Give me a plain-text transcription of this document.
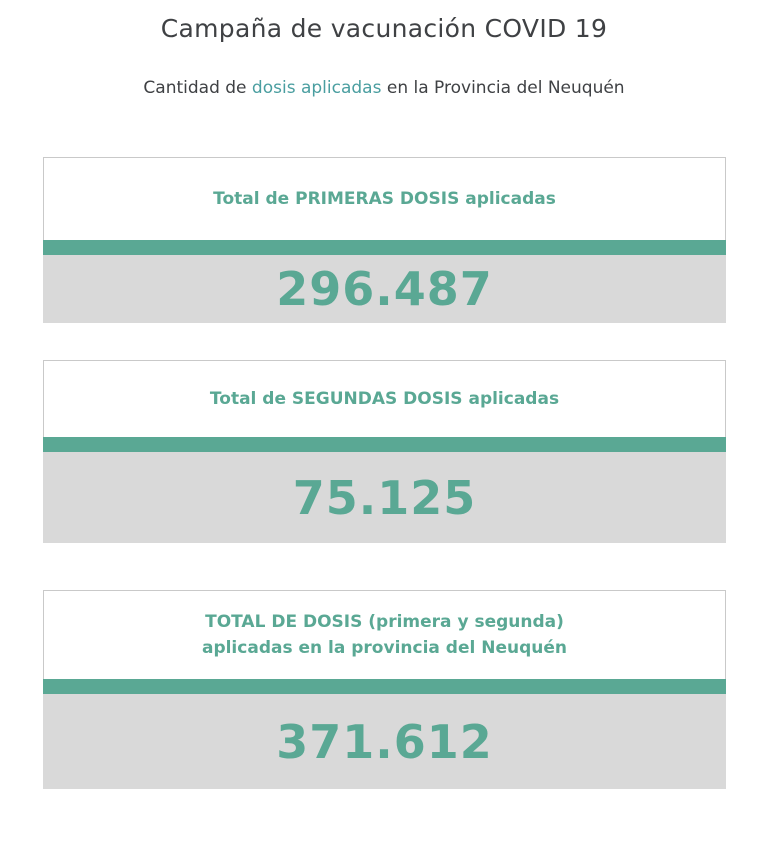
Campaña de vacunación COVID 19
Cantidad de dosis aplicadas en la Provincia del Neuquén
Total de PRIMERAS DOSIS aplicadas
296.487
Total de SEGUNDAS DOSIS aplicadas
75.125
TOTAL DE DOSIS (primera y segunda)
aplicadas en la provincia del Neuquén
371.612
